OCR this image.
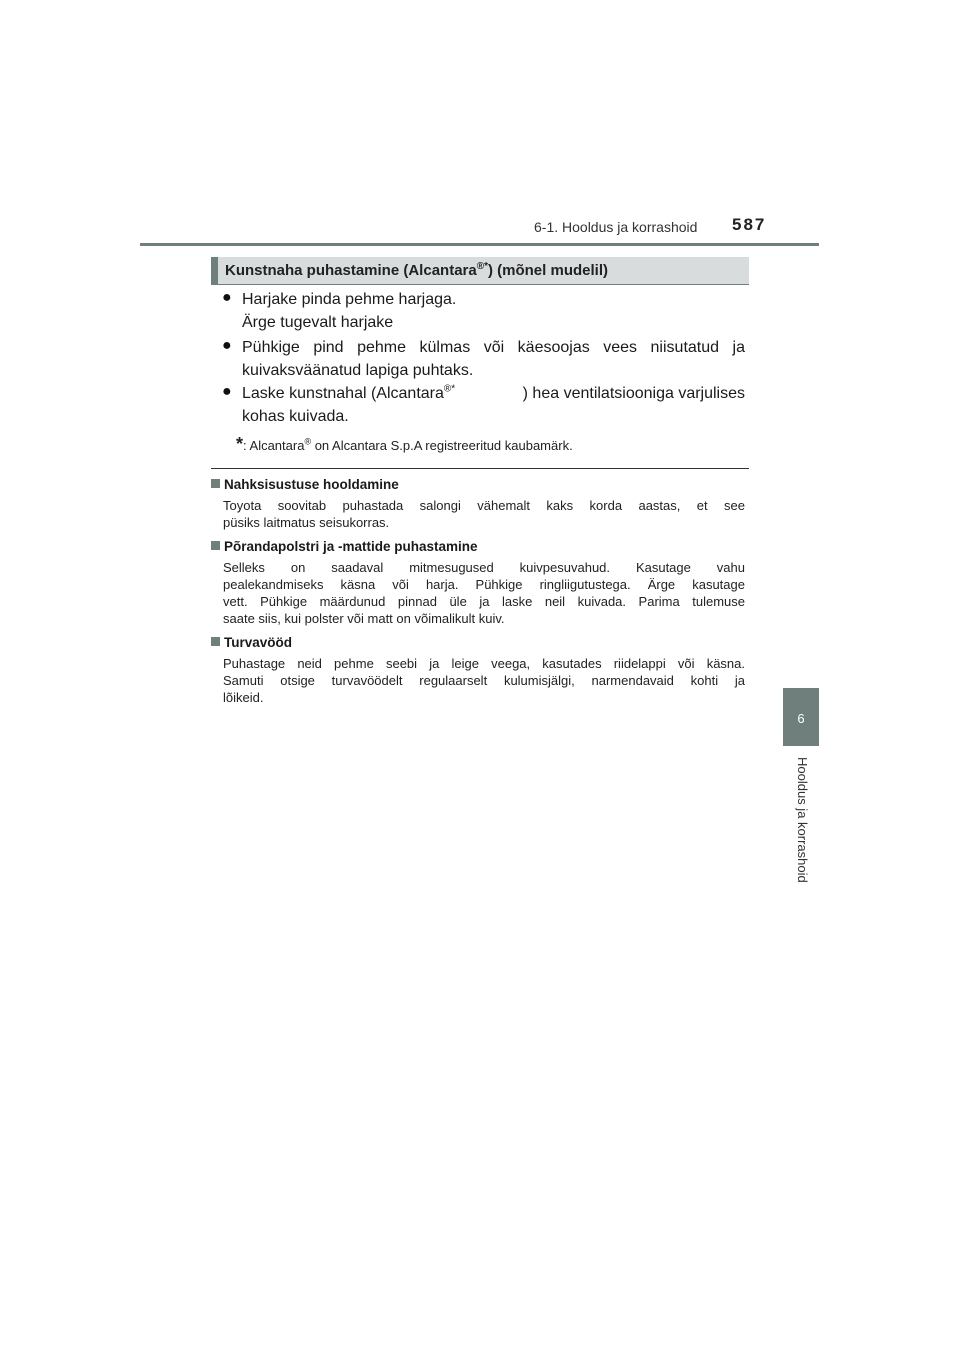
6-1. Hooldus ja korrashoid 587
6
Hooldus ja korrashoid
Kunstnaha puhastamine (Alcantara®*) (mõnel mudelil)
● Harjake pinda pehme harjaga.
Ärge tugevalt harjake
● Pühkige pind pehme külmas või käesoojas vees niisutatud ja
kuivaksväänatud lapiga puhtaks.
● Laske kunstnahal (Alcantara®*	) hea ventilatsiooniga varjulises
kohas kuivada.
*: Alcantara® on Alcantara S.p.A registreeritud kaubamärk.
Nahksisustuse hooldamine
Toyota soovitab puhastada salongi vähemalt kaks korda aastas, et see
püsiks laitmatus seisukorras.
Põrandapolstri ja -mattide puhastamine
Selleks on saadaval mitmesugused kuivpesuvahud. Kasutage vahu
pealekandmiseks käsna või harja. Pühkige ringliigutustega. Ärge kasutage
vett. Pühkige määrdunud pinnad üle ja laske neil kuivada. Parima tulemuse
saate siis, kui polster või matt on võimalikult kuiv.
Turvavööd
Puhastage neid pehme seebi ja leige veega, kasutades riidelappi või käsna.
Samuti otsige turvavöödelt regulaarselt kulumisjälgi, narmendavaid kohti ja
lõikeid.
